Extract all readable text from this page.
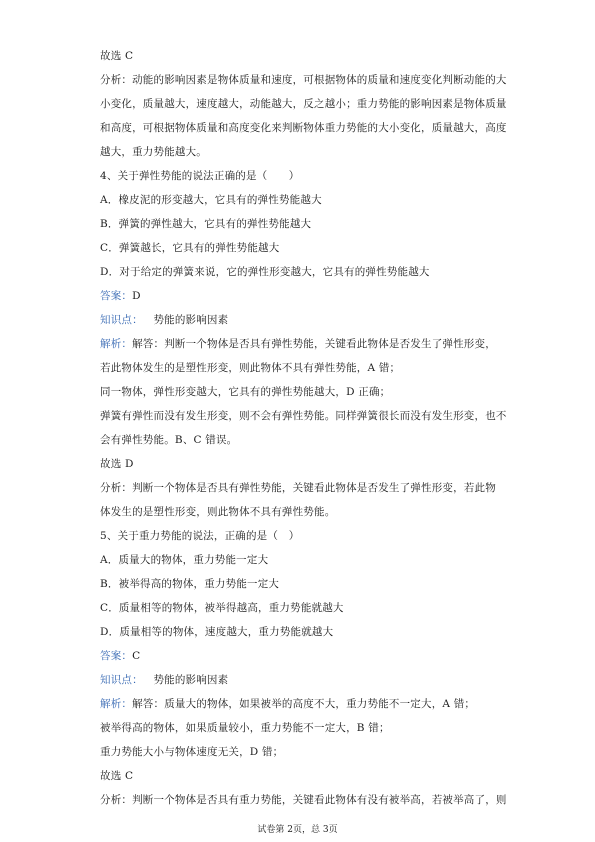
故选 C
分析：动能的影响因素是物体质量和速度，可根据物体的质量和速度变化判断动能的大
小变化，质量越大，速度越大，动能越大，反之越小；重力势能的影响因素是物体质量
和高度，可根据物体质量和高度变化来判断物体重力势能的大小变化，质量越大，高度
越大，重力势能越大。
4、关于弹性势能的说法正确的是（　　）
A．橡皮泥的形变越大，它具有的弹性势能越大
B．弹簧的弹性越大，它具有的弹性势能越大
C．弹簧越长，它具有的弹性势能越大
D．对于给定的弹簧来说，它的弹性形变越大，它具有的弹性势能越大
答案：D
知识点： 势能的影响因素
解析：解答：判断一个物体是否具有弹性势能，关键看此物体是否发生了弹性形变，
若此物体发生的是塑性形变，则此物体不具有弹性势能，A 错；
同一物体，弹性形变越大，它具有的弹性势能越大，D 正确；
弹簧有弹性而没有发生形变，则不会有弹性势能。同样弹簧很长而没有发生形变，也不
会有弹性势能。B、C 错误。
故选 D
分析：判断一个物体是否具有弹性势能，关键看此物体是否发生了弹性形变，若此物
体发生的是塑性形变，则此物体不具有弹性势能。
5、关于重力势能的说法，正确的是（　）
A．质量大的物体，重力势能一定大
B．被举得高的物体，重力势能一定大
C．质量相等的物体，被举得越高，重力势能就越大
D．质量相等的物体，速度越大，重力势能就越大
答案：C
知识点： 势能的影响因素
解析：解答：质量大的物体，如果被举的高度不大，重力势能不一定大，A 错；
被举得高的物体，如果质量较小，重力势能不一定大，B 错；
重力势能大小与物体速度无关，D 错；
故选 C
分析：判断一个物体是否具有重力势能，关键看此物体有没有被举高，若被举高了，则
试卷第 2页，总 3页
